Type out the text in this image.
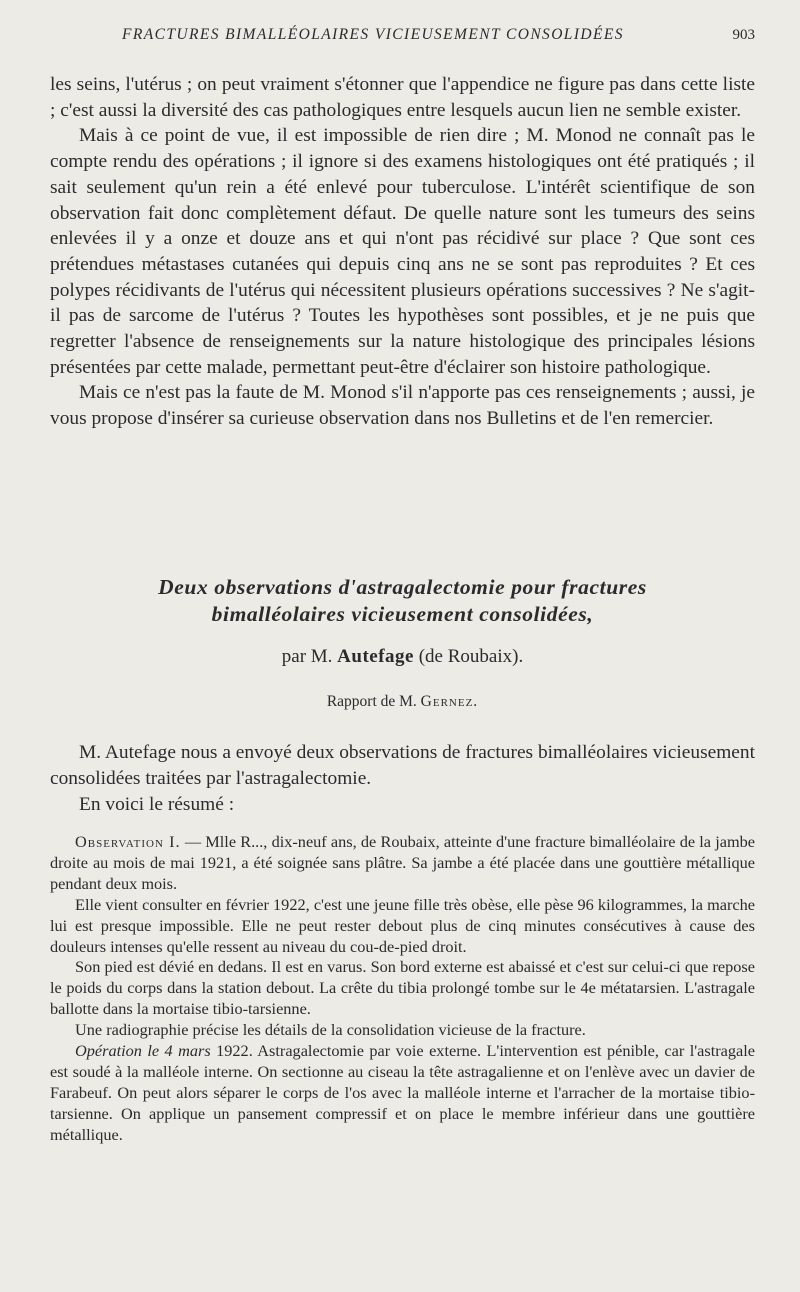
FRACTURES BIMALLÉOLAIRES VICIEUSEMENT CONSOLIDÉES	903

les seins, l'utérus ; on peut vraiment s'étonner que l'appendice ne figure pas dans cette liste ; c'est aussi la diversité des cas pathologiques entre lesquels aucun lien ne semble exister.

Mais à ce point de vue, il est impossible de rien dire ; M. Monod ne connaît pas le compte rendu des opérations ; il ignore si des examens histologiques ont été pratiqués ; il sait seulement qu'un rein a été enlevé pour tuberculose. L'intérêt scientifique de son observation fait donc complètement défaut. De quelle nature sont les tumeurs des seins enlevées il y a onze et douze ans et qui n'ont pas récidivé sur place ? Que sont ces prétendues métastases cutanées qui depuis cinq ans ne se sont pas reproduites ? Et ces polypes récidivants de l'utérus qui nécessitent plusieurs opérations successives ? Ne s'agit-il pas de sarcome de l'utérus ? Toutes les hypothèses sont possibles, et je ne puis que regretter l'absence de renseignements sur la nature histologique des principales lésions présentées par cette malade, permettant peut-être d'éclairer son histoire pathologique.

Mais ce n'est pas la faute de M. Monod s'il n'apporte pas ces renseignements ; aussi, je vous propose d'insérer sa curieuse observation dans nos Bulletins et de l'en remercier.

Deux observations d'astragalectomie pour fractures
bimalléolaires vicieusement consolidées,

par M. Autefage (de Roubaix).

Rapport de M. Gernez.

M. Autefage nous a envoyé deux observations de fractures bimalléolaires vicieusement consolidées traitées par l'astragalectomie.

En voici le résumé :

Observation I. — Mlle R..., dix-neuf ans, de Roubaix, atteinte d'une fracture bimalléolaire de la jambe droite au mois de mai 1921, a été soignée sans plâtre. Sa jambe a été placée dans une gouttière métallique pendant deux mois.

Elle vient consulter en février 1922, c'est une jeune fille très obèse, elle pèse 96 kilogrammes, la marche lui est presque impossible. Elle ne peut rester debout plus de cinq minutes consécutives à cause des douleurs intenses qu'elle ressent au niveau du cou-de-pied droit.

Son pied est dévié en dedans. Il est en varus. Son bord externe est abaissé et c'est sur celui-ci que repose le poids du corps dans la station debout. La crête du tibia prolongé tombe sur le 4e métatarsien. L'astragale ballotte dans la mortaise tibio-tarsienne.

Une radiographie précise les détails de la consolidation vicieuse de la fracture.

Opération le 4 mars 1922. Astragalectomie par voie externe. L'intervention est pénible, car l'astragale est soudé à la malléole interne. On sectionne au ciseau la tête astragalienne et on l'enlève avec un davier de Farabeuf. On peut alors séparer le corps de l'os avec la malléole interne et l'arracher de la mortaise tibio-tarsienne. On applique un pansement compressif et on place le membre inférieur dans une gouttière métallique.
